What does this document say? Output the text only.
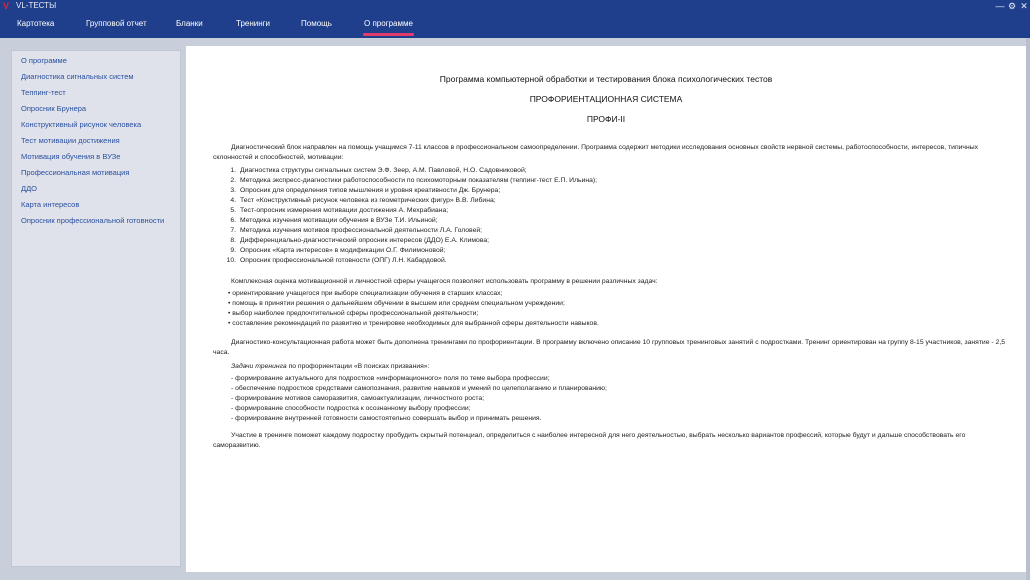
V VL-ТЕСТЫ	— ⚙ ✕
Картотека	Групповой отчет	Бланки	Тренинги	Помощь	О программе
О программе
Диагностика сигнальных систем
Теппинг-тест
Опросник Брунера
Конструктивный рисунок человека
Тест мотивации достижения
Мотивация обучения в ВУЗе
Профессиональная мотивация
ДДО
Карта интересов
Опросник профессиональной готовности
Программа компьютерной обработки и тестирования блока психологических тестов
ПРОФОРИЕНТАЦИОННАЯ СИСТЕМА
ПРОФИ-II
Диагностический блок направлен на помощь учащимся 7-11 классов в профессиональном самоопределении. Программа содержит методики исследования основных свойств нервной системы, работоспособности, интересов, типичных склонностей и способностей, мотивации:
1. Диагностика структуры сигнальных систем Э.Ф. Зеер, А.М. Павловой, Н.О. Садовниковой;
2. Методика экспресс-диагностики работоспособности по психомоторным показателям (теппинг-тест Е.П. Ильина);
3. Опросник для определения типов мышления и уровня креативности Дж. Брунера;
4. Тест «Конструктивный рисунок человека из геометрических фигур» В.В. Либина;
5. Тест-опросник измерения мотивации достижения А. Мехрабиана;
6. Методика изучения мотивации обучения в ВУЗе Т.И. Ильиной;
7. Методика изучения мотивов профессиональной деятельности Л.А. Головей;
8. Дифференциально-диагностический опросник интересов (ДДО) Е.А. Климова;
9. Опросник «Карта интересов» в модификации О.Г. Филимоновой;
10. Опросник профессиональной готовности (ОПГ) Л.Н. Кабардовой.
Комплексная оценка мотивационной и личностной сферы учащегося позволяет использовать программу в решении различных задач:
• ориентирование учащегося при выборе специализации обучения в старших классах;
• помощь в принятии решения о дальнейшем обучении в высшем или среднем специальном учреждении;
• выбор наиболее предпочтительной сферы профессиональной деятельности;
• составление рекомендаций по развитию и тренировке необходимых для выбранной сферы деятельности навыков.
Диагностико-консультационная работа может быть дополнена тренингами по профориентации. В программу включено описание 10 групповых тренинговых занятий с подростками. Тренинг ориентирован на группу 8-15 участников, занятие - 2,5 часа.
Задачи тренинга по профориентации «В поисках призвания»:
- формирование актуального для подростков «информационного» поля по теме выбора профессии;
- обеспечение подростков средствами самопознания, развитие навыков и умений по целеполаганию и планированию;
- формирование мотивов саморазвития, самоактуализации, личностного роста;
- формирование способности подростка к осознанному выбору профессии;
- формирование внутренней готовности самостоятельно совершать выбор и принимать решения.
Участие в тренинге поможет каждому подростку пробудить скрытый потенциал, определиться с наиболее интересной для него деятельностью, выбрать несколько вариантов профессий, которые будут и дальше способствовать его саморазвитию.
